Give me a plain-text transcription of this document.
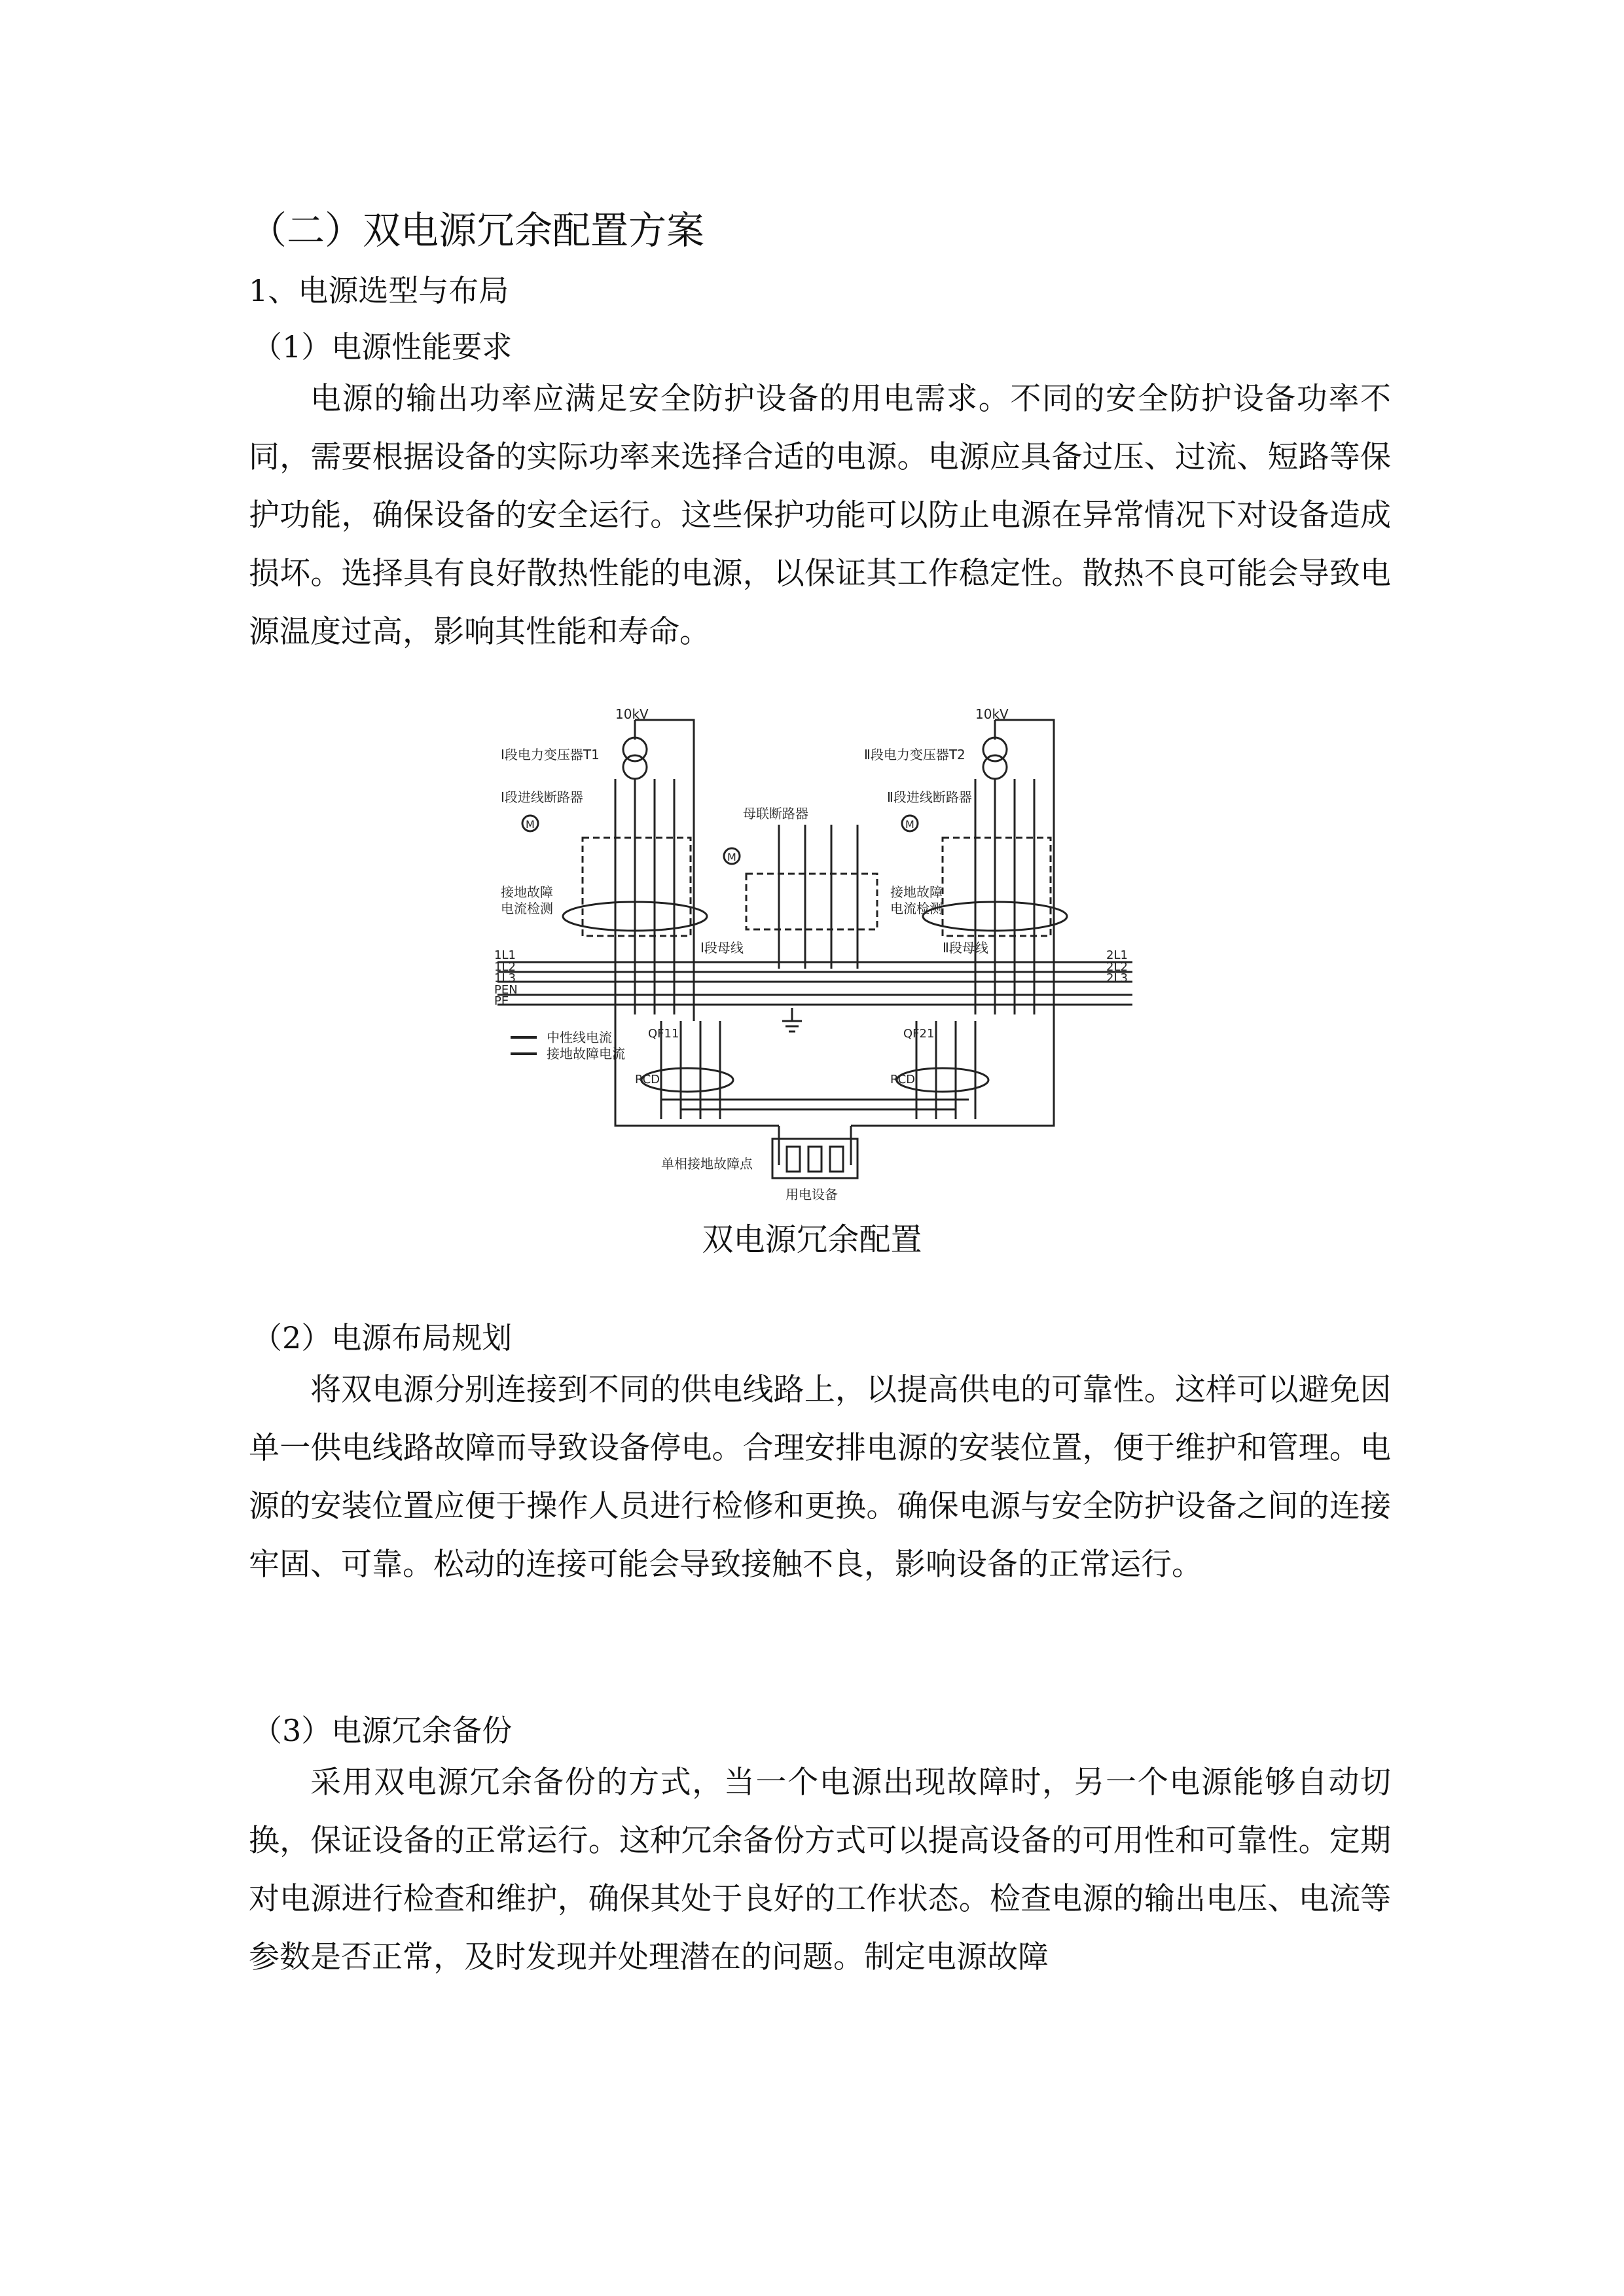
（二）双电源冗余配置方案
1、电源选型与布局
（1）电源性能要求

电源的输出功率应满足安全防护设备的用电需求。不同的安全防护设备功率不同，需要根据设备的实际功率来选择合适的电源。电源应具备过压、过流、短路等保护功能，确保设备的安全运行。这些保护功能可以防止电源在异常情况下对设备造成损坏。选择具有良好散热性能的电源，以保证其工作稳定性。散热不良可能会导致电源温度过高，影响其性能和寿命。

10kV
Ⅰ段电力变压器T1
Ⅰ段进线断路器
M
接地故障
电流检测
Ⅰ段母线
母联断路器
M
10kV
Ⅱ段电力变压器T2
Ⅱ段进线断路器
M
接地故障
电流检测
Ⅱ段母线
1L1
1L2
1L3
PEN
PE
2L1
2L2
2L3
中性线电流
接地故障电流
QF11
RCD
QF21
RCD
单相接地故障点
用电设备
双电源冗余配置
（2）电源布局规划

将双电源分别连接到不同的供电线路上，以提高供电的可靠性。这样可以避免因单一供电线路故障而导致设备停电。合理安排电源的安装位置，便于维护和管理。电源的安装位置应便于操作人员进行检修和更换。确保电源与安全防护设备之间的连接牢固、可靠。松动的连接可能会导致接触不良，影响设备的正常运行。

（3）电源冗余备份

采用双电源冗余备份的方式，当一个电源出现故障时，另一个电源能够自动切换，保证设备的正常运行。这种冗余备份方式可以提高设备的可用性和可靠性。定期对电源进行检查和维护，确保其处于良好的工作状态。检查电源的输出电压、电流等参数是否正常，及时发现并处理潜在的问题。制定电源故障
